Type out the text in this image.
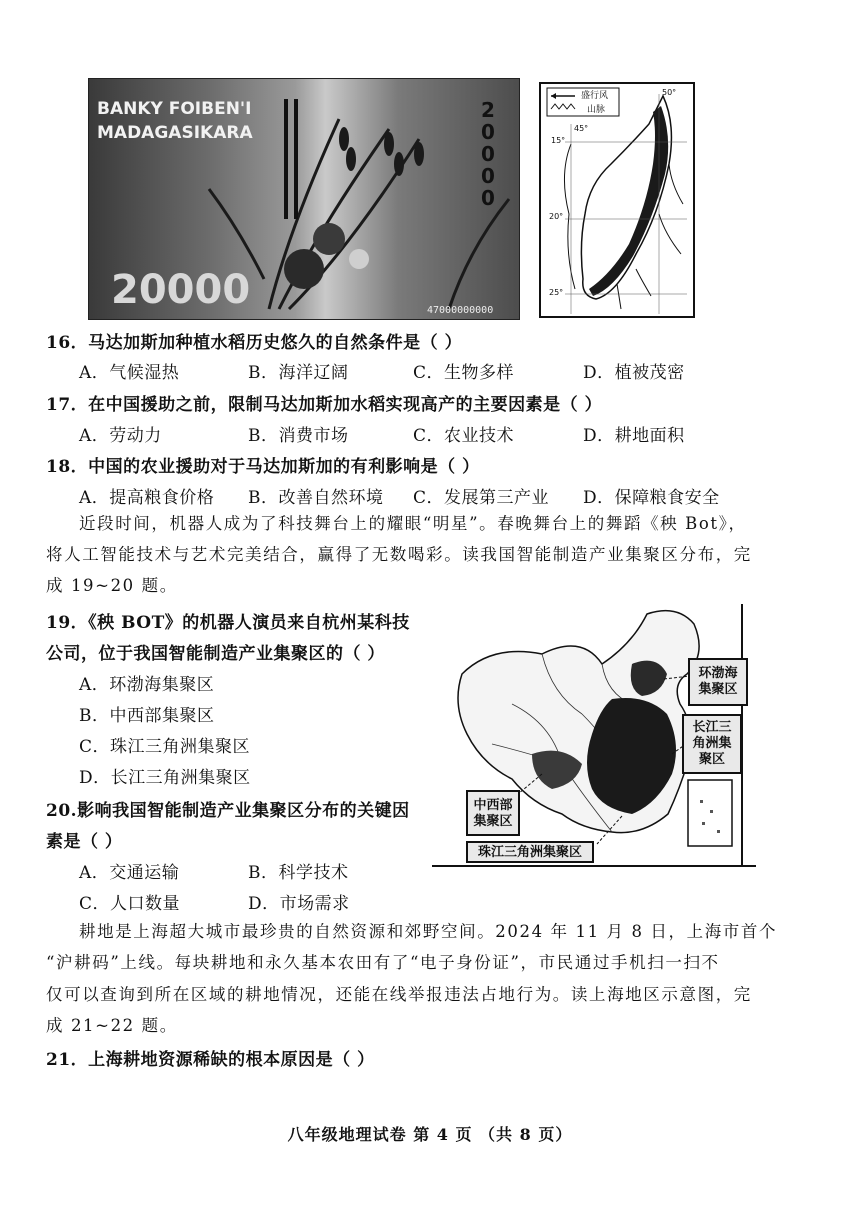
BANKY FOIBEN'I
MADAGASIKARA
20000
20000
47000000000
盛行风
山脉
15°
20°
25°
45°
50°
16．马达加斯加种植水稻历史悠久的自然条件是（ ）
A．气候湿热	B．海洋辽阔	C．生物多样	D．植被茂密
17．在中国援助之前，限制马达加斯加水稻实现高产的主要因素是（ ）
A．劳动力	B．消费市场	C．农业技术	D．耕地面积
18．中国的农业援助对于马达加斯加的有利影响是（ ）
A．提高粮食价格 B．改善自然环境 C．发展第三产业 D．保障粮食安全
近段时间，机器人成为了科技舞台上的耀眼“明星”。春晚舞台上的舞蹈《秧 Bot》，
将人工智能技术与艺术完美结合，赢得了无数喝彩。读我国智能制造产业集聚区分布，完
成 19~20 题。
19．《秧 BOT》的机器人演员来自杭州某科技
公司，位于我国智能制造产业集聚区的（ ）
A．环渤海集聚区
B．中西部集聚区
C．珠江三角洲集聚区
D．长江三角洲集聚区
20.影响我国智能制造产业集聚区分布的关键因
素是（ ）
A．交通运输	B．科学技术
C．人口数量	D．市场需求
环渤海集聚区
长江三角洲集聚区
中西部集聚区
珠江三角洲集聚区
耕地是上海超大城市最珍贵的自然资源和郊野空间。2024 年 11 月 8 日，上海市首个
“沪耕码”上线。每块耕地和永久基本农田有了“电子身份证”，市民通过手机扫一扫不
仅可以查询到所在区域的耕地情况，还能在线举报违法占地行为。读上海地区示意图，完
成 21~22 题。
21．上海耕地资源稀缺的根本原因是（ ）
八年级地理试卷 第 4 页 （共 8 页）
